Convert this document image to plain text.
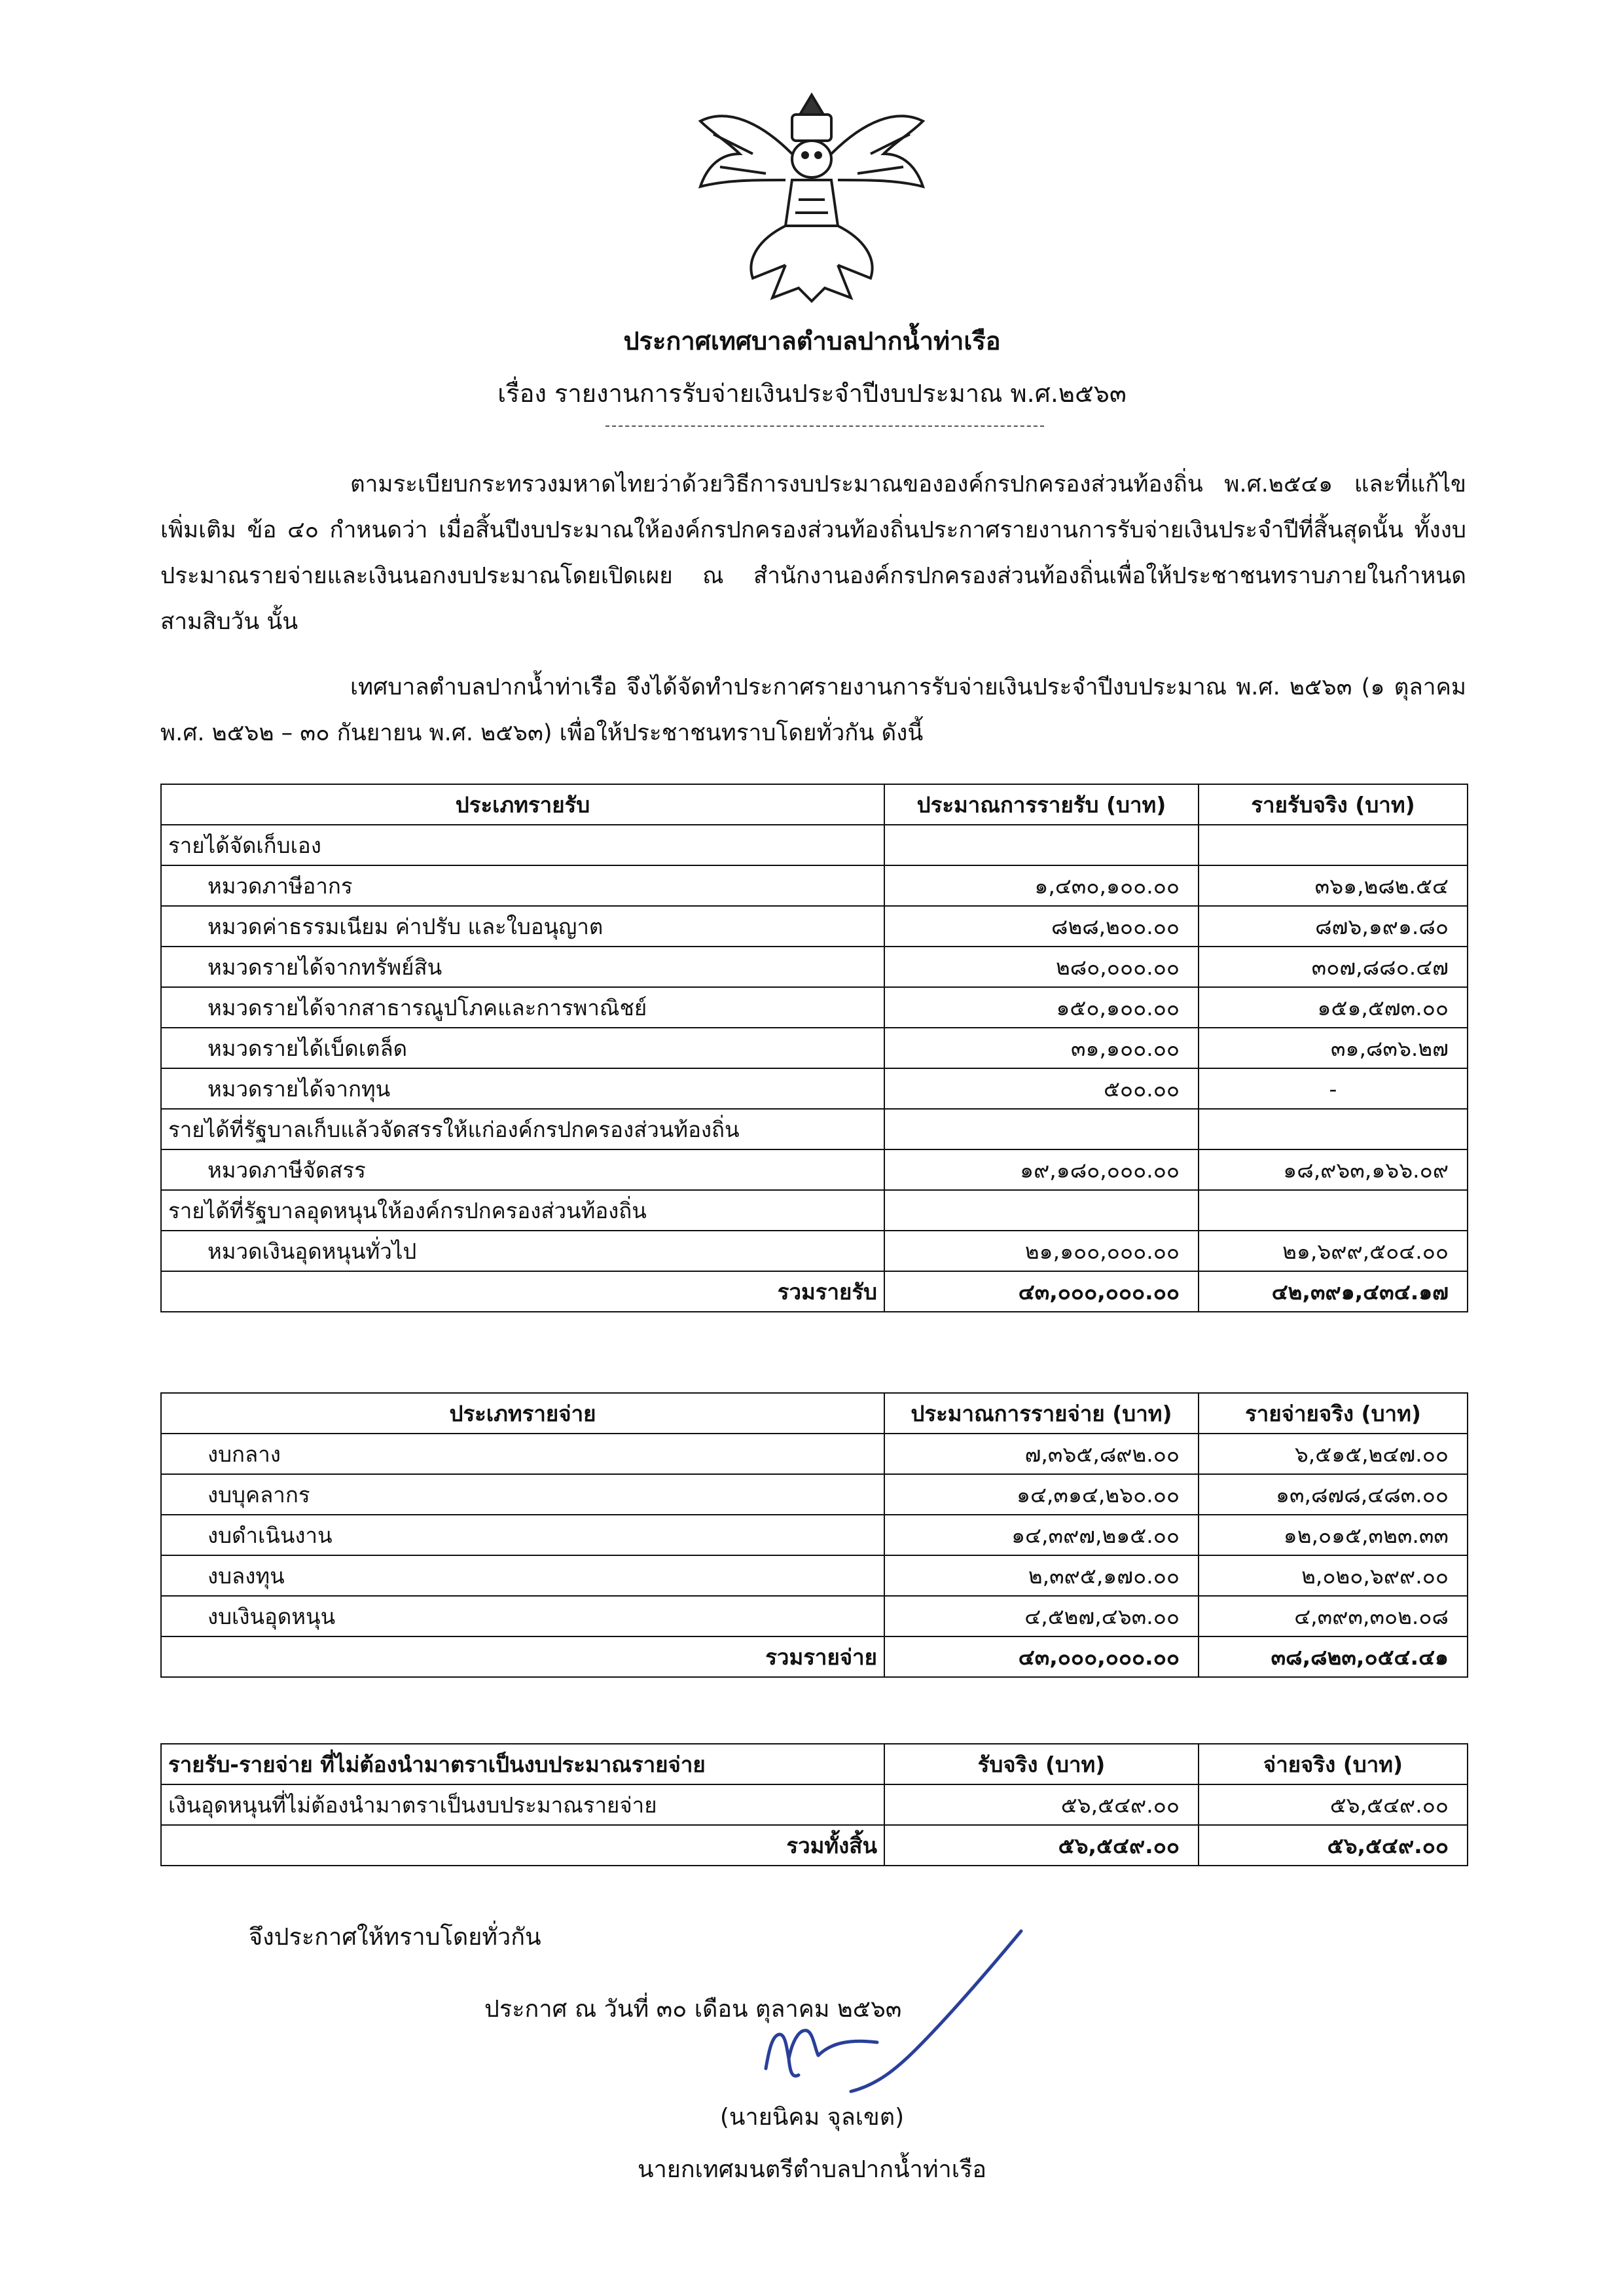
ประกาศเทศบาลตำบลปากน้ำท่าเรือ
เรื่อง รายงานการรับจ่ายเงินประจำปีงบประมาณ พ.ศ.๒๕๖๓
ตามระเบียบกระทรวงมหาดไทยว่าด้วยวิธีการงบประมาณขององค์กรปกครองส่วนท้องถิ่น พ.ศ.๒๕๔๑ และที่แก้ไขเพิ่มเติม ข้อ ๔๐ กำหนดว่า เมื่อสิ้นปีงบประมาณให้องค์กรปกครองส่วนท้องถิ่นประกาศรายงานการรับจ่ายเงินประจำปีที่สิ้นสุดนั้น ทั้งงบประมาณรายจ่ายและเงินนอกงบประมาณโดยเปิดเผย ณ สำนักงานองค์กรปกครองส่วนท้องถิ่นเพื่อให้ประชาชนทราบภายในกำหนดสามสิบวัน นั้น
เทศบาลตำบลปากน้ำท่าเรือ จึงได้จัดทำประกาศรายงานการรับจ่ายเงินประจำปีงบประมาณ พ.ศ. ๒๕๖๓ (๑ ตุลาคม พ.ศ. ๒๕๖๒ – ๓๐ กันยายน พ.ศ. ๒๕๖๓) เพื่อให้ประชาชนทราบโดยทั่วกัน ดังนี้
ประเภทรายรับ	ประมาณการรายรับ (บาท)	รายรับจริง (บาท)
รายได้จัดเก็บเอง		
หมวดภาษีอากร	๑,๔๓๐,๑๐๐.๐๐	๓๖๑,๒๘๒.๕๔
หมวดค่าธรรมเนียม ค่าปรับ และใบอนุญาต	๘๒๘,๒๐๐.๐๐	๘๗๖,๑๙๑.๘๐
หมวดรายได้จากทรัพย์สิน	๒๘๐,๐๐๐.๐๐	๓๐๗,๘๘๐.๔๗
หมวดรายได้จากสาธารณูปโภคและการพาณิชย์	๑๕๐,๑๐๐.๐๐	๑๕๑,๕๗๓.๐๐
หมวดรายได้เบ็ดเตล็ด	๓๑,๑๐๐.๐๐	๓๑,๘๓๖.๒๗
หมวดรายได้จากทุน	๕๐๐.๐๐	-
รายได้ที่รัฐบาลเก็บแล้วจัดสรรให้แก่องค์กรปกครองส่วนท้องถิ่น		
หมวดภาษีจัดสรร	๑๙,๑๘๐,๐๐๐.๐๐	๑๘,๙๖๓,๑๖๖.๐๙
รายได้ที่รัฐบาลอุดหนุนให้องค์กรปกครองส่วนท้องถิ่น		
หมวดเงินอุดหนุนทั่วไป	๒๑,๑๐๐,๐๐๐.๐๐	๒๑,๖๙๙,๕๐๔.๐๐
รวมรายรับ	๔๓,๐๐๐,๐๐๐.๐๐	๔๒,๓๙๑,๔๓๔.๑๗
ประเภทรายจ่าย	ประมาณการรายจ่าย (บาท)	รายจ่ายจริง (บาท)
งบกลาง	๗,๓๖๕,๘๙๒.๐๐	๖,๕๑๕,๒๔๗.๐๐
งบบุคลากร	๑๔,๓๑๔,๒๖๐.๐๐	๑๓,๘๗๘,๔๘๓.๐๐
งบดำเนินงาน	๑๔,๓๙๗,๒๑๕.๐๐	๑๒,๐๑๕,๓๒๓.๓๓
งบลงทุน	๒,๓๙๕,๑๗๐.๐๐	๒,๐๒๐,๖๙๙.๐๐
งบเงินอุดหนุน	๔,๕๒๗,๔๖๓.๐๐	๔,๓๙๓,๓๐๒.๐๘
รวมรายจ่าย	๔๓,๐๐๐,๐๐๐.๐๐	๓๘,๘๒๓,๐๕๔.๔๑
รายรับ-รายจ่าย ที่ไม่ต้องนำมาตราเป็นงบประมาณรายจ่าย	รับจริง (บาท)	จ่ายจริง (บาท)
เงินอุดหนุนที่ไม่ต้องนำมาตราเป็นงบประมาณรายจ่าย	๕๖,๕๔๙.๐๐	๕๖,๕๔๙.๐๐
รวมทั้งสิ้น	๕๖,๕๔๙.๐๐	๕๖,๕๔๙.๐๐
จึงประกาศให้ทราบโดยทั่วกัน
ประกาศ ณ วันที่ ๓๐ เดือน ตุลาคม ๒๕๖๓
(นายนิคม จุลเขต)
นายกเทศมนตรีตำบลปากน้ำท่าเรือ
